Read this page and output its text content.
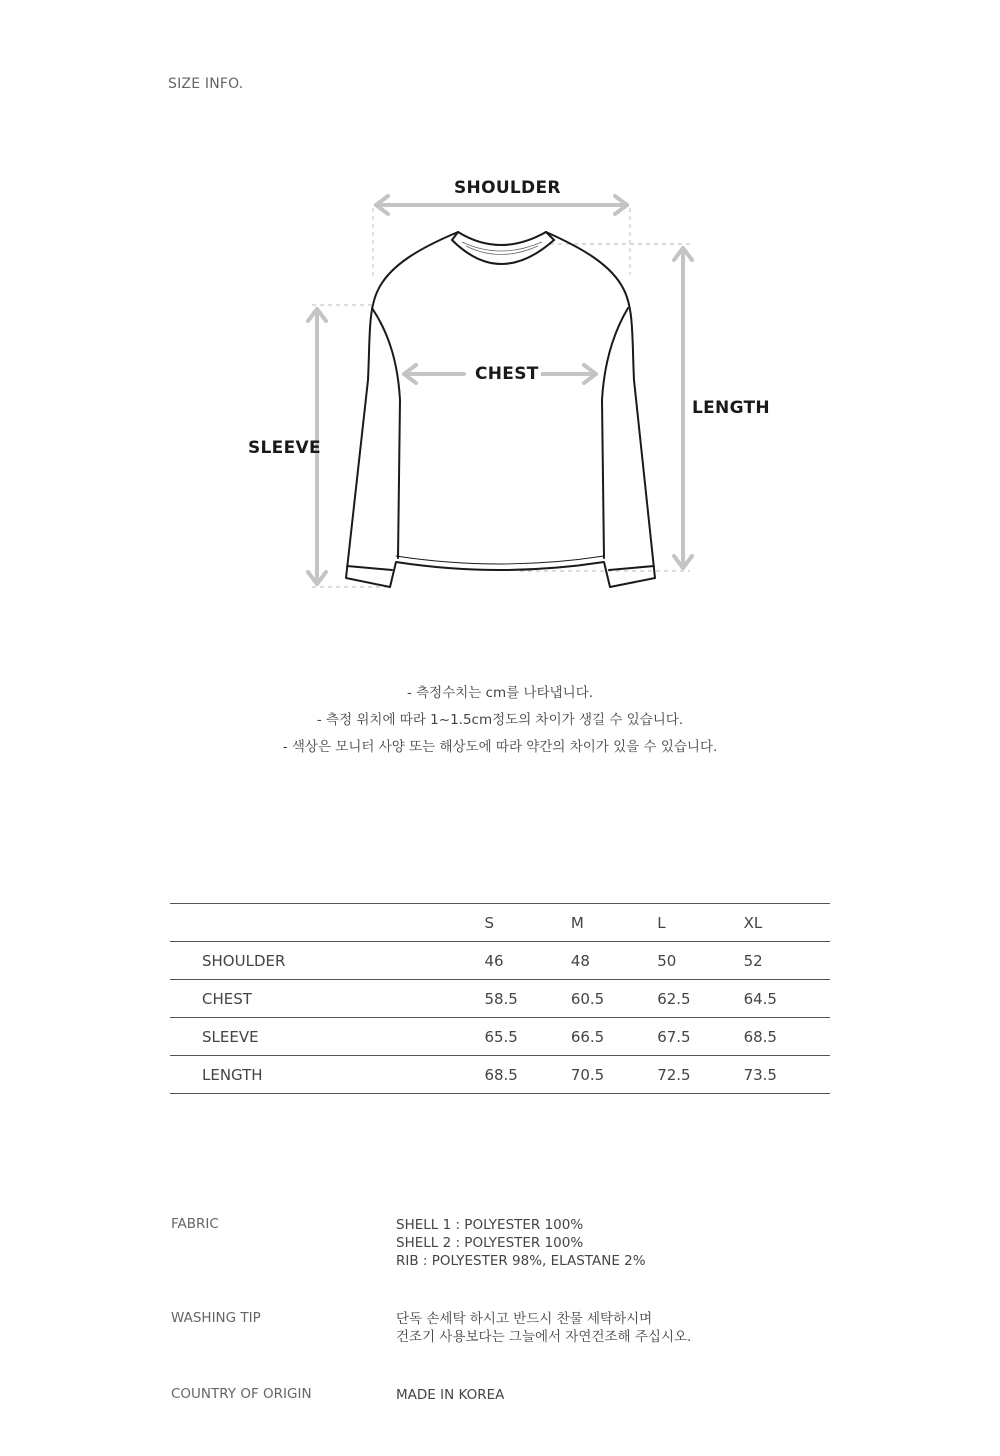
SIZE INFO.
SHOULDER
CHEST
LENGTH
SLEEVE
- 측정수치는 cm를 나타냅니다.
- 측정 위치에 따라 1~1.5cm정도의 차이가 생길 수 있습니다.
- 색상은 모니터 사양 또는 해상도에 따라 약간의 차이가 있을 수 있습니다.
	S	M	L	XL
SHOULDER	46	48	50	52
CHEST	58.5	60.5	62.5	64.5
SLEEVE	65.5	66.5	67.5	68.5
LENGTH	68.5	70.5	72.5	73.5
FABRIC	SHELL 1 : POLYESTER 100%
SHELL 2 : POLYESTER 100%
RIB : POLYESTER 98%, ELASTANE 2%
WASHING TIP	단독 손세탁 하시고 반드시 찬물 세탁하시며
건조기 사용보다는 그늘에서 자연건조해 주십시오.
COUNTRY OF ORIGIN	MADE IN KOREA
